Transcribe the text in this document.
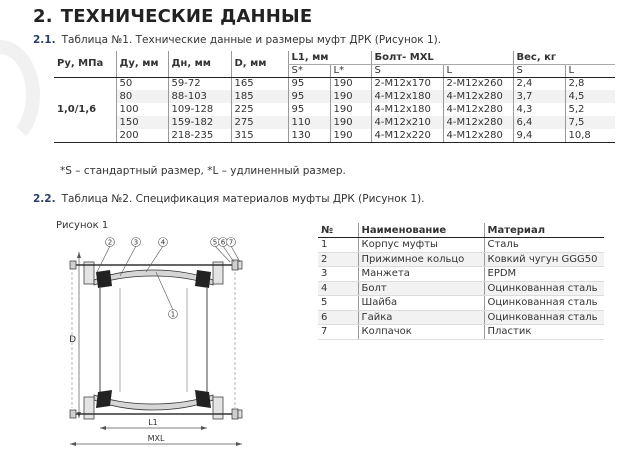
2. ТЕХНИЧЕСКИЕ ДАННЫЕ
2.1. Таблица №1. Технические данные и размеры муфт ДРК (Рисунок 1).
Ру, МПа	Ду, мм	Дн, мм	D, мм	L1, мм		Болт- MXL		Вес, кг	
				S*	L*	S	L	S	L
1,0/1,6	50	59-72	165	95	190	2-M12x170	2-M12x260	2,4	2,8
	80	88-103	185	95	190	4-M12x180	4-M12x280	3,7	4,5
	100	109-128	225	95	190	4-M12x180	4-M12x280	4,3	5,2
	150	159-182	275	110	190	4-M12x210	4-M12x280	6,4	7,5
	200	218-235	315	130	190	4-M12x220	4-M12x280	9,4	10,8
*S – стандартный размер, *L – удлиненный размер.
2.2. Таблица №2. Спецификация материалов муфты ДРК (Рисунок 1).
Рисунок 1
D
2	3	4	5 6 7
1
L1
MXL
№	Наименование	Материал
1	Корпус муфты	Сталь
2	Прижимное кольцо	Ковкий чугун GGG50
3	Манжета	EPDM
4	Болт	Оцинкованная сталь
5	Шайба	Оцинкованная сталь
6	Гайка	Оцинкованная сталь
7	Колпачок	Пластик
